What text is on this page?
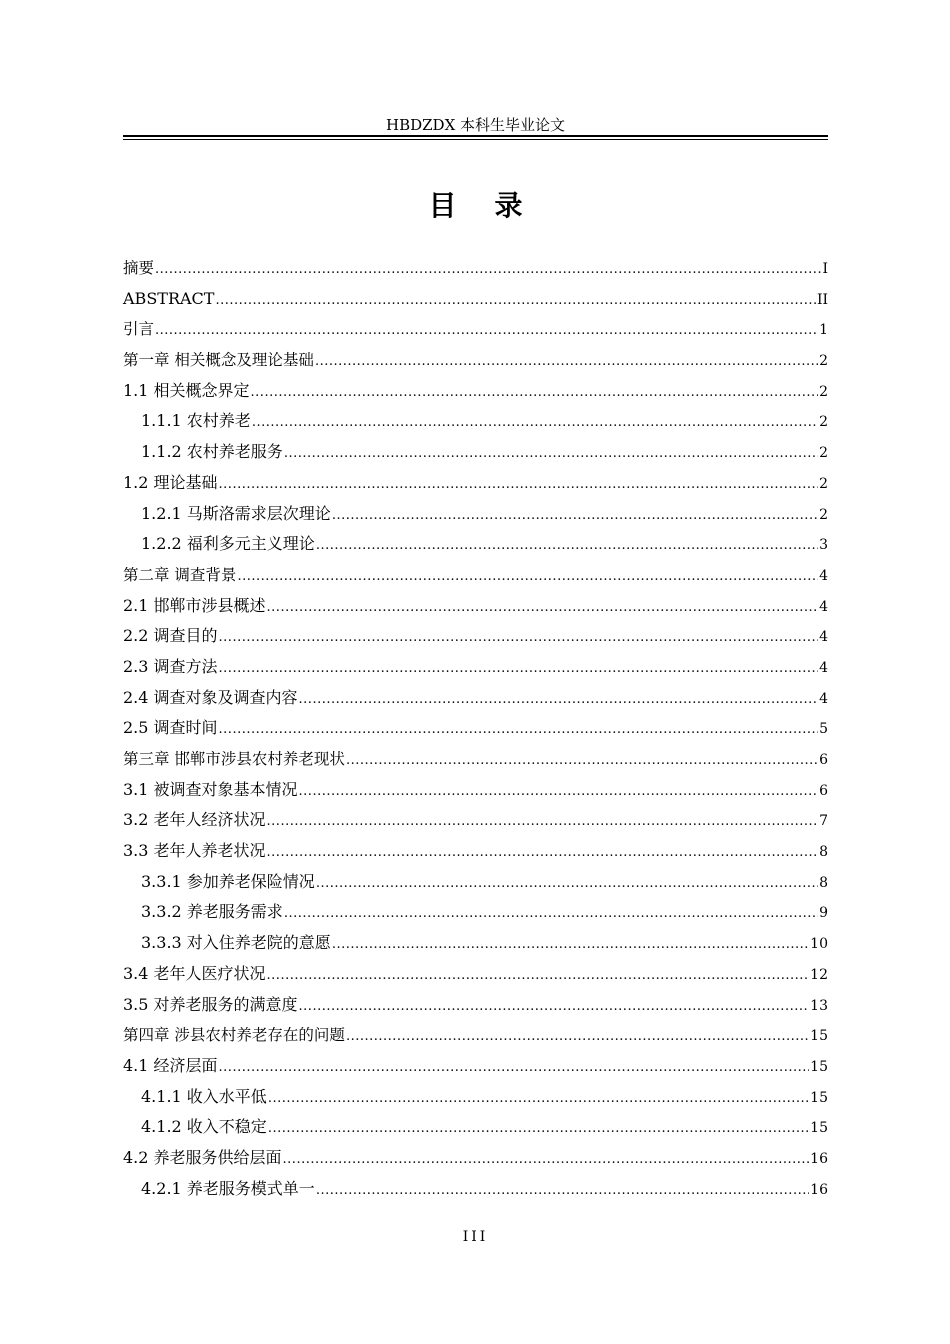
HBDZDX 本科生毕业论文
目录
摘要 .....	I
ABSTRACT .....	II
引言 .....	1
第一章 相关概念及理论基础 .....	2
1.1 相关概念界定 .....	2
1.1.1 农村养老 .....	2
1.1.2 农村养老服务 .....	2
1.2 理论基础 .....	2
1.2.1 马斯洛需求层次理论 .....	2
1.2.2 福利多元主义理论 .....	3
第二章 调查背景 .....	4
2.1 邯郸市涉县概述 .....	4
2.2 调查目的 .....	4
2.3 调查方法 .....	4
2.4 调查对象及调查内容 .....	4
2.5 调查时间 .....	5
第三章 邯郸市涉县农村养老现状 .....	6
3.1 被调查对象基本情况 .....	6
3.2 老年人经济状况 .....	7
3.3 老年人养老状况 .....	8
3.3.1 参加养老保险情况 .....	8
3.3.2 养老服务需求 .....	9
3.3.3 对入住养老院的意愿 .....	10
3.4 老年人医疗状况 .....	12
3.5 对养老服务的满意度 .....	13
第四章 涉县农村养老存在的问题 .....	15
4.1 经济层面 .....	15
4.1.1 收入水平低 .....	15
4.1.2 收入不稳定 .....	15
4.2 养老服务供给层面 .....	16
4.2.1 养老服务模式单一 .....	16
III
